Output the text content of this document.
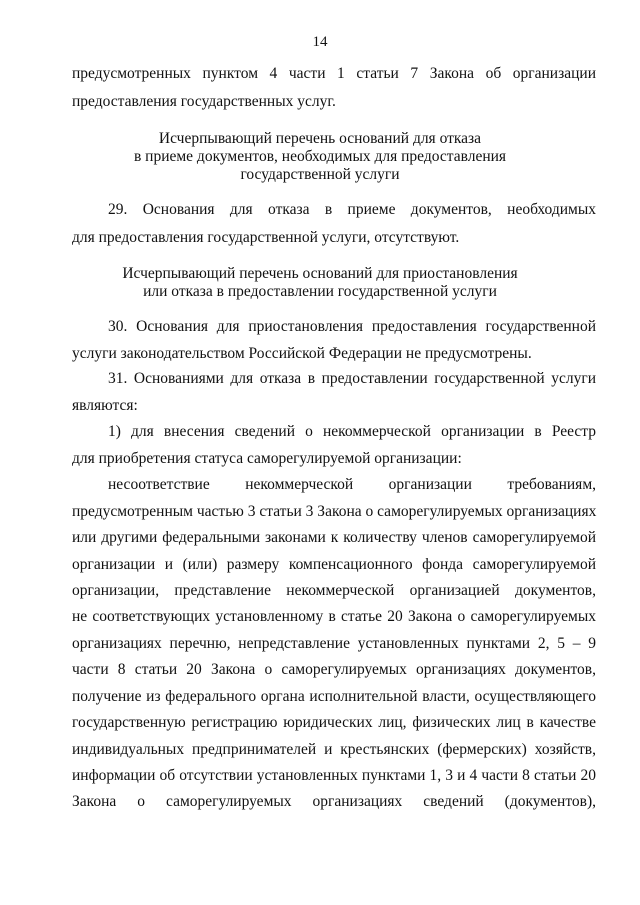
14
предусмотренных пунктом 4 части 1 статьи 7 Закона об организации
предоставления государственных услуг.
Исчерпывающий перечень оснований для отказа
в приеме документов, необходимых для предоставления
государственной услуги
29. Основания для отказа в приеме документов, необходимых
для предоставления государственной услуги, отсутствуют.
Исчерпывающий перечень оснований для приостановления
или отказа в предоставлении государственной услуги
30. Основания для приостановления предоставления государственной
услуги законодательством Российской Федерации не предусмотрены.
31. Основаниями для отказа в предоставлении государственной услуги
являются:
1) для внесения сведений о некоммерческой организации в Реестр
для приобретения статуса саморегулируемой организации:
несоответствие некоммерческой организации требованиям,
предусмотренным частью 3 статьи 3 Закона о саморегулируемых организациях
или другими федеральными законами к количеству членов саморегулируемой
организации и (или) размеру компенсационного фонда саморегулируемой
организации, представление некоммерческой организацией документов,
не соответствующих установленному в статье 20 Закона о саморегулируемых
организациях перечню, непредставление установленных пунктами 2, 5 – 9
части 8 статьи 20 Закона о саморегулируемых организациях документов,
получение из федерального органа исполнительной власти, осуществляющего
государственную регистрацию юридических лиц, физических лиц в качестве
индивидуальных предпринимателей и крестьянских (фермерских) хозяйств,
информации об отсутствии установленных пунктами 1, 3 и 4 части 8 статьи 20
Закона о саморегулируемых организациях сведений (документов),
